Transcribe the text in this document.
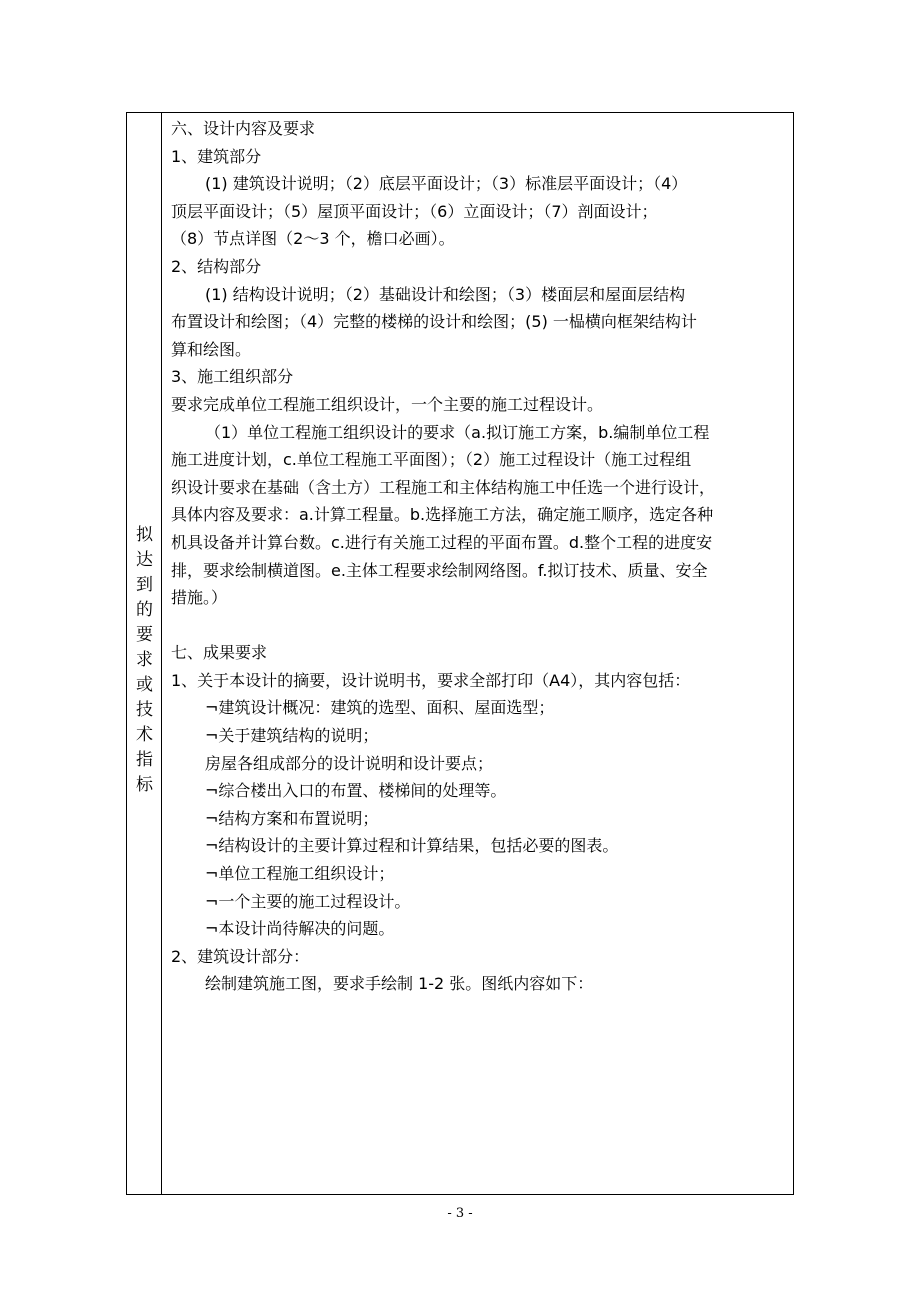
拟
达
到
的
要
求
或
技
术
指
标

六、设计内容及要求

1、建筑部分

(1) 建筑设计说明；（2）底层平面设计；（3）标准层平面设计；（4）

顶层平面设计；（5）屋顶平面设计；（6）立面设计；（7）剖面设计；

（8）节点详图（2～3 个，檐口必画）。

2、结构部分

(1) 结构设计说明；（2）基础设计和绘图；（3）楼面层和屋面层结构

布置设计和绘图；（4）完整的楼梯的设计和绘图；(5) 一榀横向框架结构计

算和绘图。

3、施工组织部分

要求完成单位工程施工组织设计，一个主要的施工过程设计。

（1）单位工程施工组织设计的要求（a.拟订施工方案，b.编制单位工程

施工进度计划，c.单位工程施工平面图）；（2）施工过程设计（施工过程组

织设计要求在基础（含土方）工程施工和主体结构施工中任选一个进行设计，

具体内容及要求：a.计算工程量。b.选择施工方法，确定施工顺序，选定各种

机具设备并计算台数。c.进行有关施工过程的平面布置。d.整个工程的进度安

排，要求绘制横道图。e.主体工程要求绘制网络图。f.拟订技术、质量、安全

措施。）

七、成果要求

1、关于本设计的摘要，设计说明书，要求全部打印（A4），其内容包括：

¬建筑设计概况：建筑的选型、面积、屋面选型；

¬关于建筑结构的说明；

房屋各组成部分的设计说明和设计要点；

¬综合楼出入口的布置、楼梯间的处理等。

¬结构方案和布置说明；

¬结构设计的主要计算过程和计算结果，包括必要的图表。

¬单位工程施工组织设计；

¬一个主要的施工过程设计。

¬本设计尚待解决的问题。

2、建筑设计部分：

绘制建筑施工图，要求手绘制 1-2 张。图纸内容如下：

- 3 -
